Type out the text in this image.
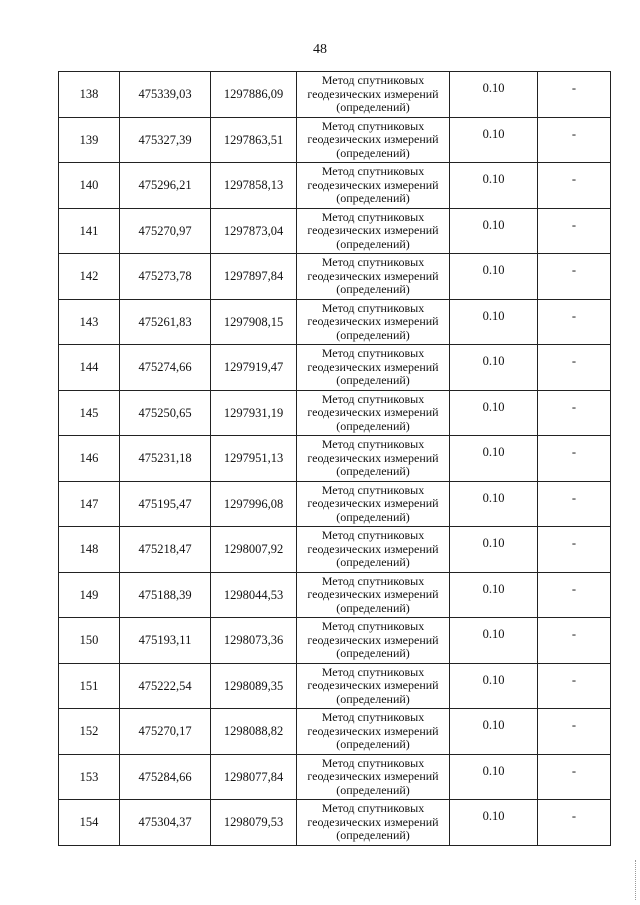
48
138	475339,03	1297886,09	Метод спутниковых
геодезических измерений
(определений)	0.10	-
139	475327,39	1297863,51	Метод спутниковых
геодезических измерений
(определений)	0.10	-
140	475296,21	1297858,13	Метод спутниковых
геодезических измерений
(определений)	0.10	-
141	475270,97	1297873,04	Метод спутниковых
геодезических измерений
(определений)	0.10	-
142	475273,78	1297897,84	Метод спутниковых
геодезических измерений
(определений)	0.10	-
143	475261,83	1297908,15	Метод спутниковых
геодезических измерений
(определений)	0.10	-
144	475274,66	1297919,47	Метод спутниковых
геодезических измерений
(определений)	0.10	-
145	475250,65	1297931,19	Метод спутниковых
геодезических измерений
(определений)	0.10	-
146	475231,18	1297951,13	Метод спутниковых
геодезических измерений
(определений)	0.10	-
147	475195,47	1297996,08	Метод спутниковых
геодезических измерений
(определений)	0.10	-
148	475218,47	1298007,92	Метод спутниковых
геодезических измерений
(определений)	0.10	-
149	475188,39	1298044,53	Метод спутниковых
геодезических измерений
(определений)	0.10	-
150	475193,11	1298073,36	Метод спутниковых
геодезических измерений
(определений)	0.10	-
151	475222,54	1298089,35	Метод спутниковых
геодезических измерений
(определений)	0.10	-
152	475270,17	1298088,82	Метод спутниковых
геодезических измерений
(определений)	0.10	-
153	475284,66	1298077,84	Метод спутниковых
геодезических измерений
(определений)	0.10	-
154	475304,37	1298079,53	Метод спутниковых
геодезических измерений
(определений)	0.10	-
